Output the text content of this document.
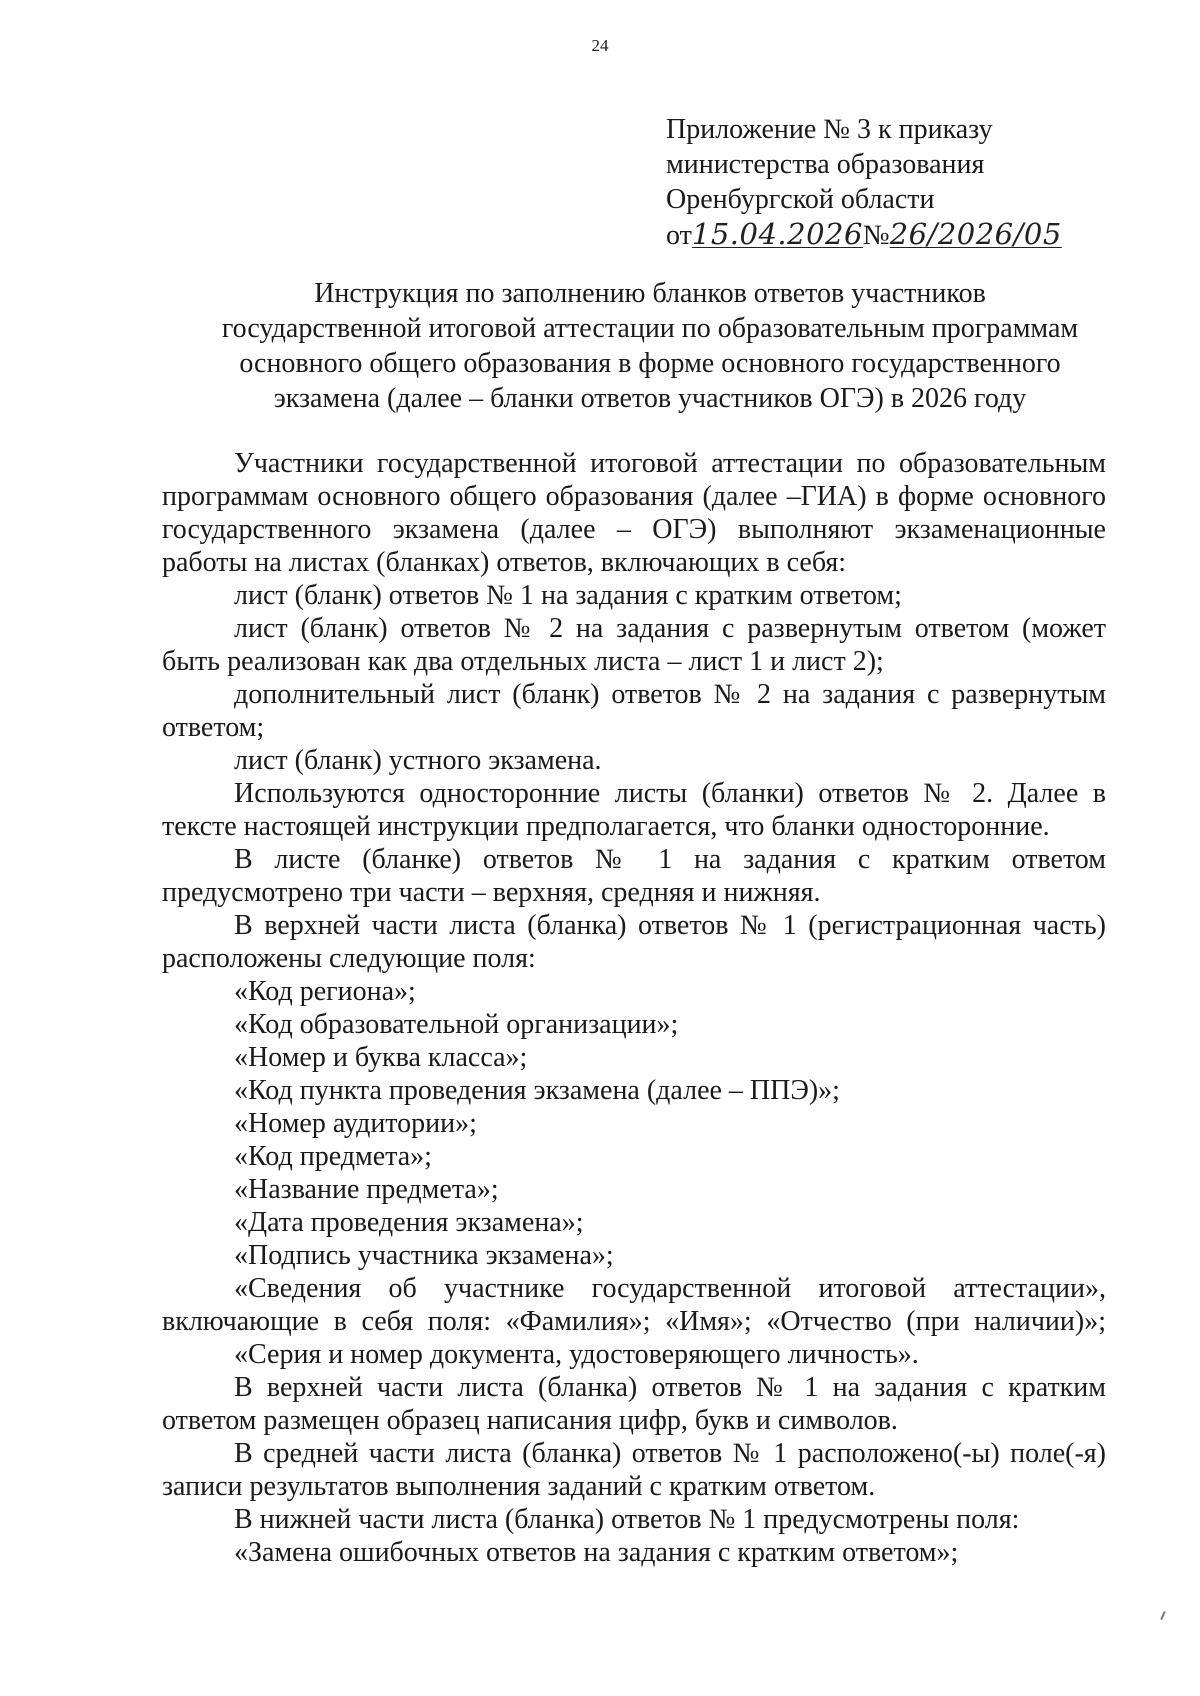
24
Приложение № 3 к приказу
министерства образования
Оренбургской области
от15.04.2026№26/2026/05
Инструкция по заполнению бланков ответов участников
государственной итоговой аттестации по образовательным программам
основного общего образования в форме основного государственного
экзамена (далее – бланки ответов участников ОГЭ) в 2026 году

Участники государственной итоговой аттестации по образовательным программам основного общего образования (далее –ГИА) в форме основного государственного экзамена (далее – ОГЭ) выполняют экзаменационные работы на листах (бланках) ответов, включающих в себя:

лист (бланк) ответов № 1 на задания с кратким ответом;

лист (бланк) ответов № 2 на задания с развернутым ответом (может быть реализован как два отдельных листа – лист 1 и лист 2);

дополнительный лист (бланк) ответов № 2 на задания с развернутым ответом;

лист (бланк) устного экзамена.

Используются односторонние листы (бланки) ответов № 2. Далее в тексте настоящей инструкции предполагается, что бланки односторонние.

В листе (бланке) ответов № 1 на задания с кратким ответом предусмотрено три части – верхняя, средняя и нижняя.

В верхней части листа (бланка) ответов № 1 (регистрационная часть) расположены следующие поля:

«Код региона»;

«Код образовательной организации»;

«Номер и буква класса»;

«Код пункта проведения экзамена (далее – ППЭ)»;

«Номер аудитории»;

«Код предмета»;

«Название предмета»;

«Дата проведения экзамена»;

«Подпись участника экзамена»;

«Сведения об участнике государственной итоговой аттестации», включающие в себя поля: «Фамилия»; «Имя»; «Отчество (при наличии)»;

«Серия и номер документа, удостоверяющего личность».

В верхней части листа (бланка) ответов № 1 на задания с кратким ответом размещен образец написания цифр, букв и символов.

В средней части листа (бланка) ответов № 1 расположено(-ы) поле(-я) записи результатов выполнения заданий с кратким ответом.

В нижней части листа (бланка) ответов № 1 предусмотрены поля:

«Замена ошибочных ответов на задания с кратким ответом»;
